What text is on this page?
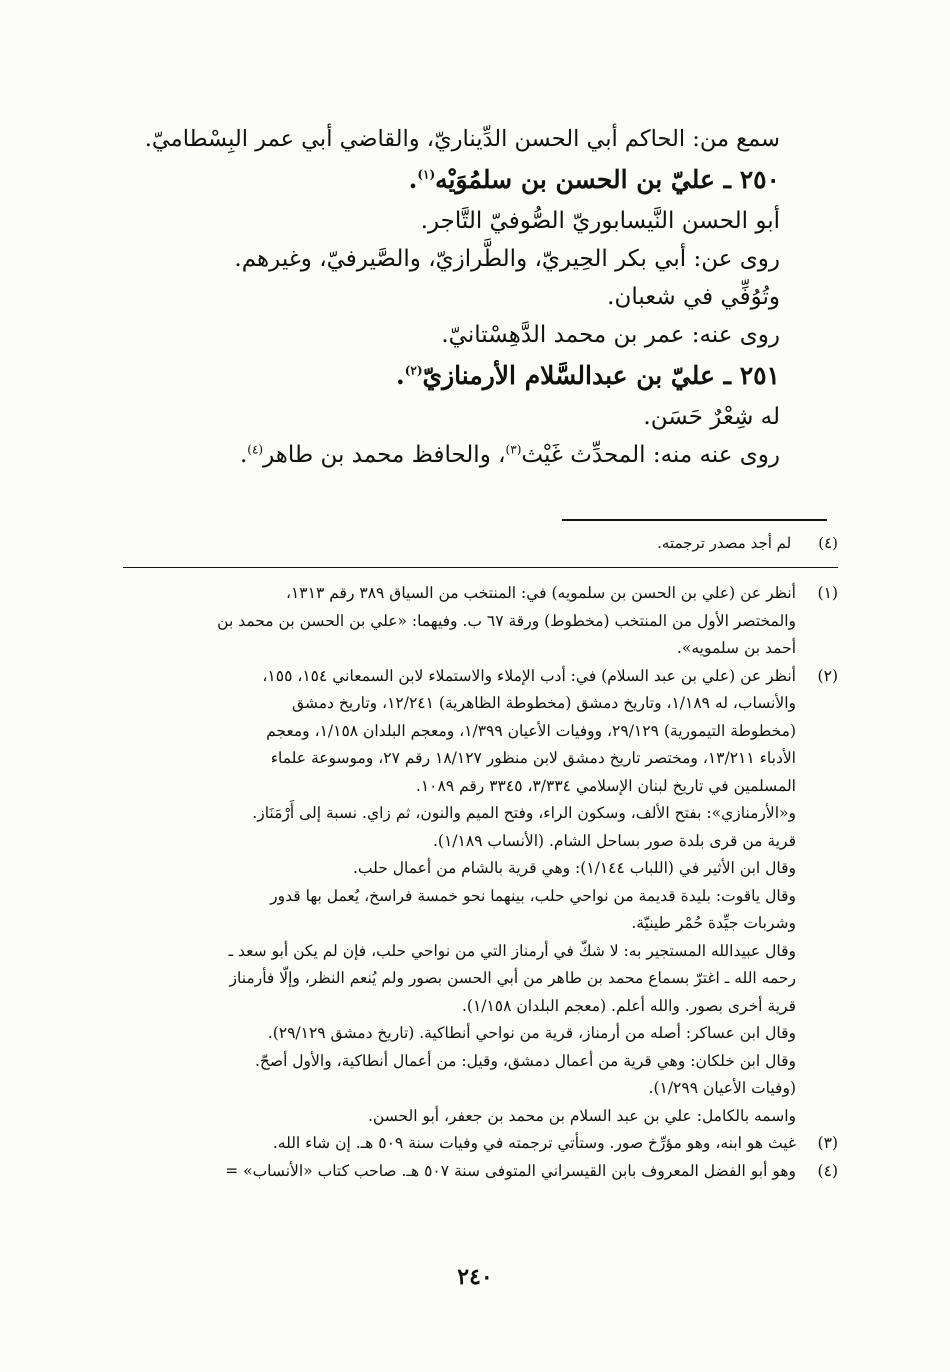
سمع من: الحاكم أبي الحسن الدِّيناريّ، والقاضي أبي عمر البِسْطاميّ.
٢٥٠ ـ عليّ بن الحسن بن سلمُوَيْه$^{(١)}$.
أبو الحسن النَّيسابوريّ الصُّوفيّ التَّاجر.
روى عن: أبي بكر الحِيريّ، والطَّرازيّ، والصَّيرفيّ، وغيرهم.
وتُوُفِّي في شعبان.
روى عنه: عمر بن محمد الدَّهِسْتانيّ.
٢٥١ ـ عليّ بن عبدالسَّلام الأرمنازيّ$^{(٢)}$.
له شِعْرٌ حَسَن.
روى عنه منه: المحدِّث غَيْث$^{(٣)}$، والحافظ محمد بن طاهر$^{(٤)}$.
(٤) لم أجد مصدر ترجمته.
(١)
أنظر عن (علي بن الحسن بن سلمويه) في: المنتخب من السياق ٣٨٩ رقم ١٣١٣،
والمختصر الأول من المنتخب (مخطوط) ورقة ٦٧ ب. وفيهما: «علي بن الحسن بن محمد بن
أحمد بن سلمويه».
(٢)
أنظر عن (علي بن عبد السلام) في: أدب الإملاء والاستملاء لابن السمعاني ١٥٤، ١٥٥،
والأنساب، له ١/١٨٩، وتاريخ دمشق (مخطوطة الظاهرية) ١٢/٢٤١، وتاريخ دمشق
(مخطوطة التيمورية) ٢٩/١٢٩، ووفيات الأعيان ١/٣٩٩، ومعجم البلدان ١/١٥٨، ومعجم
الأدباء ١٣/٢١١، ومختصر تاريخ دمشق لابن منظور ١٨/١٢٧ رقم ٢٧، وموسوعة علماء
المسلمين في تاريخ لبنان الإسلامي ٣/٣٣٤، ٣٣٤٥ رقم ١٠٨٩.
و«الأرمنازي»: بفتح الألف، وسكون الراء، وفتح الميم والنون، ثم زاي. نسبة إلى أَرْمَنَاز.
قرية من قرى بلدة صور بساحل الشام. (الأنساب ١/١٨٩).
وقال ابن الأثير في (اللباب ١/١٤٤): وهي قرية بالشام من أعمال حلب.
وقال ياقوت: بليدة قديمة من نواحي حلب، بينهما نحو خمسة فراسخ، يُعمل بها قدور
وشربات جيِّدة حُمْر طينيّة.
وقال عبيدالله المستجير به: لا شكّ في أرمناز التي من نواحي حلب، فإن لم يكن أبو سعد ـ
رحمه الله ـ اغترّ بسماع محمد بن طاهر من أبي الحسن بصور ولم يُنعم النظر، وإلّا فأرمناز
قرية أخرى بصور. والله أعلم. (معجم البلدان ١/١٥٨).
وقال ابن عساكر: أصله من أرمناز، قرية من نواحي أنطاكية. (تاريخ دمشق ٢٩/١٢٩).
وقال ابن خلكان: وهي قرية من أعمال دمشق، وقيل: من أعمال أنطاكية، والأول أصحّ.
(وفيات الأعيان ١/٢٩٩).
واسمه بالكامل: علي بن عبد السلام بن محمد بن جعفر، أبو الحسن.
(٣)
غيث هو ابنه، وهو مؤرِّخ صور. وستأتي ترجمته في وفيات سنة ٥٠٩ هـ. إن شاء الله.
(٤)
وهو أبو الفضل المعروف بابن القيسراني المتوفى سنة ٥٠٧ هـ. صاحب كتاب «الأنساب» =
٢٤٠
